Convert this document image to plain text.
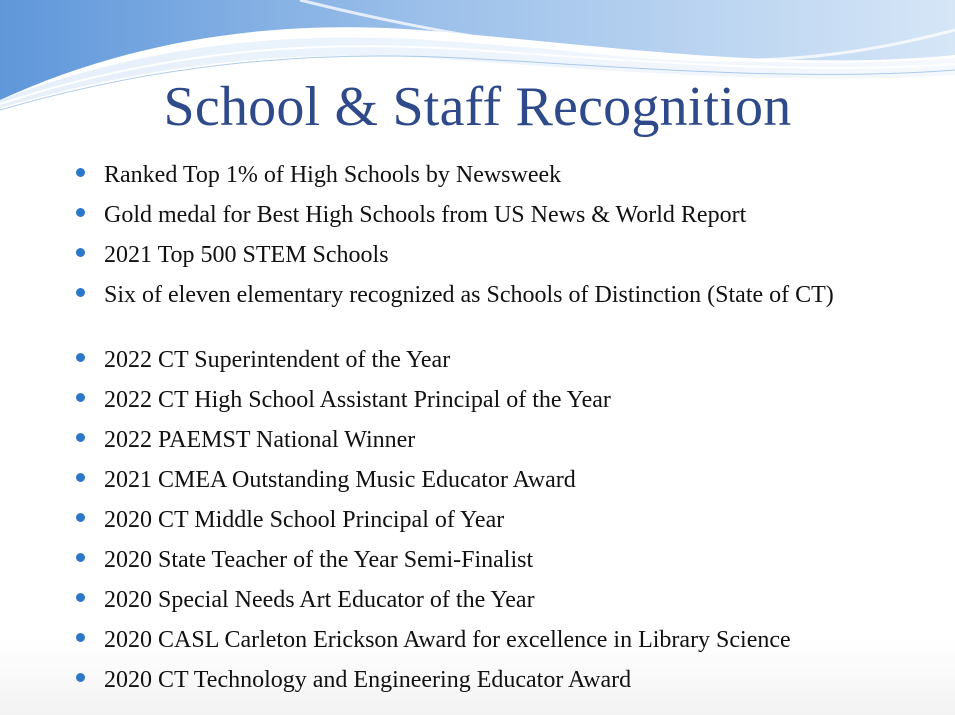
School & Staff Recognition
Ranked Top 1% of High Schools by Newsweek
Gold medal for Best High Schools from US News & World Report
2021 Top 500 STEM Schools
Six of eleven elementary recognized as Schools of Distinction (State of CT)
2022 CT Superintendent of the Year
2022 CT High School Assistant Principal of the Year
2022 PAEMST National Winner
2021 CMEA Outstanding Music Educator Award
2020 CT Middle School Principal of Year
2020 State Teacher of the Year Semi-Finalist
2020 Special Needs Art Educator of the Year
2020 CASL Carleton Erickson Award for excellence in Library Science
2020 CT Technology and Engineering Educator Award
